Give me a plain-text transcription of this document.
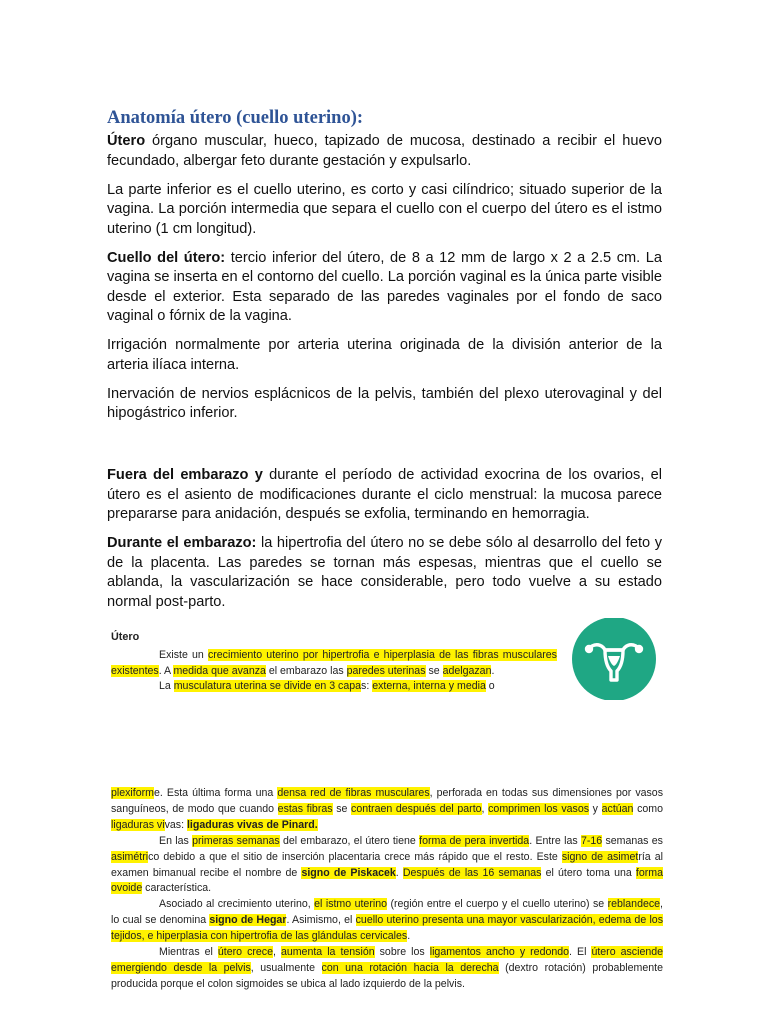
Anatomía útero (cuello uterino):

Útero órgano muscular, hueco, tapizado de mucosa, destinado a recibir el huevo fecundado, albergar feto durante gestación y expulsarlo.

La parte inferior es el cuello uterino, es corto y casi cilíndrico; situado superior de la vagina. La porción intermedia que separa el cuello con el cuerpo del útero es el istmo uterino (1 cm longitud).

Cuello del útero: tercio inferior del útero, de 8 a 12 mm de largo x 2 a 2.5 cm. La vagina se inserta en el contorno del cuello. La porción vaginal es la única parte visible desde el exterior. Esta separado de las paredes vaginales por el fondo de saco vaginal o fórnix de la vagina.

Irrigación normalmente por arteria uterina originada de la división anterior de la arteria ilíaca interna.

Inervación de nervios esplácnicos de la pelvis, también del plexo uterovaginal y del hipogástrico inferior.

Fuera del embarazo y durante el período de actividad exocrina de los ovarios, el útero es el asiento de modificaciones durante el ciclo menstrual: la mucosa parece prepararse para anidación, después se exfolia, terminando en hemorragia.

Durante el embarazo: la hipertrofia del útero no se debe sólo al desarrollo del feto y de la placenta. Las paredes se tornan más espesas, mientras que el cuello se ablanda, la vascularización se hace considerable, pero todo vuelve a su estado normal post-parto.

Útero
Existe un crecimiento uterino por hipertrofia e hiperplasia de las fibras musculares existentes. A medida que avanza el embarazo las paredes uterinas se adelgazan.
La musculatura uterina se divide en 3 capas: externa, interna y media o
plexiforme. Esta última forma una densa red de fibras musculares, perforada en todas sus dimensiones por vasos sanguíneos, de modo que cuando estas fibras se contraen después del parto, comprimen los vasos y actúan como ligaduras vivas: ligaduras vivas de Pinard.
En las primeras semanas del embarazo, el útero tiene forma de pera invertida. Entre las 7-16 semanas es asimétrico debido a que el sitio de inserción placentaria crece más rápido que el resto. Este signo de asimetría al examen bimanual recibe el nombre de signo de Piskacek. Después de las 16 semanas el útero toma una forma ovoide característica.
Asociado al crecimiento uterino, el istmo uterino (región entre el cuerpo y el cuello uterino) se reblandece, lo cual se denomina signo de Hegar. Asimismo, el cuello uterino presenta una mayor vascularización, edema de los tejidos, e hiperplasia con hipertrofia de las glándulas cervicales.
Mientras el útero crece, aumenta la tensión sobre los ligamentos ancho y redondo. El útero asciende emergiendo desde la pelvis, usualmente con una rotación hacia la derecha (dextro rotación) probablemente producida porque el colon sigmoides se ubica al lado izquierdo de la pelvis.
